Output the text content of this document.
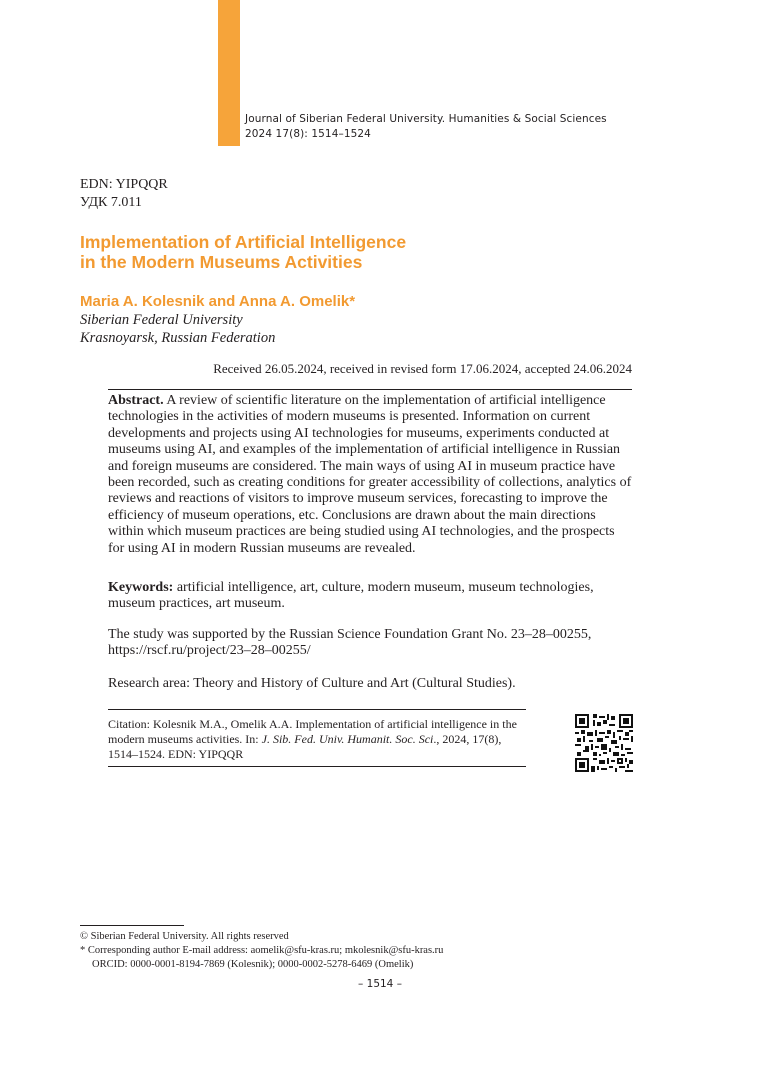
Journal of Siberian Federal University. Humanities & Social Sciences
2024 17(8): 1514–1524
EDN: YIPQQR
УДК 7.011
Implementation of Artificial Intelligence
in the Modern Museums Activities
Maria A. Kolesnik and Anna A. Omelik*
Siberian Federal University
Krasnoyarsk, Russian Federation
Received 26.05.2024, received in revised form 17.06.2024, accepted 24.06.2024
Abstract. A review of scientific literature on the implementation of artificial intelligence technologies in the activities of modern museums is presented. Information on current developments and projects using AI technologies for museums, experiments conducted at museums using AI, and examples of the implementation of artificial intelligence in Russian and foreign museums are considered. The main ways of using AI in museum practice have been recorded, such as creating conditions for greater accessibility of collections, analytics of reviews and reactions of visitors to improve museum services, forecasting to improve the efficiency of museum operations, etc. Conclusions are drawn about the main directions within which museum practices are being studied using AI technologies, and the prospects for using AI in modern Russian museums are revealed.
Keywords: artificial intelligence, art, culture, modern museum, museum technologies, museum practices, art museum.
The study was supported by the Russian Science Foundation Grant No. 23–28–00255,
https://rscf.ru/project/23–28–00255/
Research area: Theory and History of Culture and Art (Cultural Studies).
Citation: Kolesnik M.A., Omelik A.A. Implementation of artificial intelligence in the modern museums activities. In: J. Sib. Fed. Univ. Humanit. Soc. Sci., 2024, 17(8), 1514–1524. EDN: YIPQQR
© Siberian Federal University. All rights reserved
* Corresponding author E-mail address: aomelik@sfu-kras.ru; mkolesnik@sfu-kras.ru
ORCID: 0000-0001-8194-7869 (Kolesnik); 0000-0002-5278-6469 (Omelik)
– 1514 –
